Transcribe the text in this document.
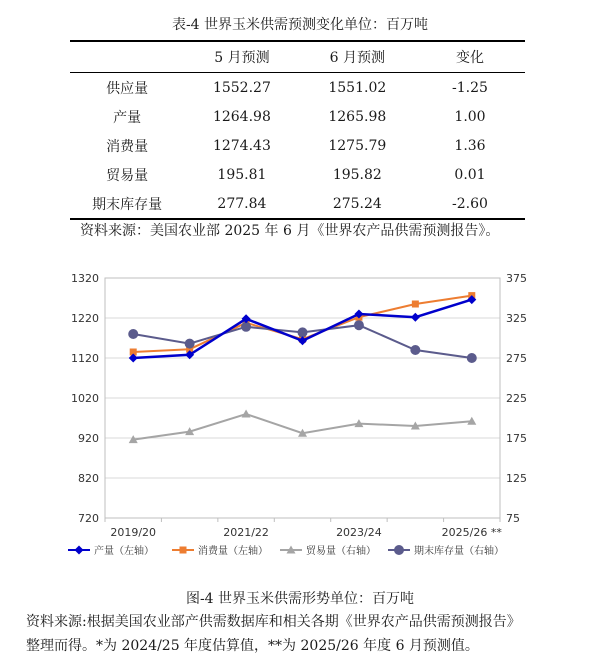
表-4 世界玉米供需预测变化单位：百万吨
	5 月预测	6 月预测	变化
供应量	1552.27	1551.02	-1.25
产量	1264.98	1265.98	1.00
消费量	1274.43	1275.79	1.36
贸易量	195.81	195.82	0.01
期末库存量	277.84	275.24	-2.60
资料来源：美国农业部 2025 年 6 月《世界农产品供需预测报告》。
720
820
920
1020
1120
1220
1320
75
125
175
225
275
325
375
2019/20	2021/22	2023/24	2025/26 **
产量（左轴）	消费量（左轴）	贸易量（右轴）	期末库存量（右轴）
图-4 世界玉米供需形势单位：百万吨
资料来源:根据美国农业部产供需数据库和相关各期《世界农产品供需预测报告》
整理而得。*为 2024/25 年度估算值，**为 2025/26 年度 6 月预测值。
